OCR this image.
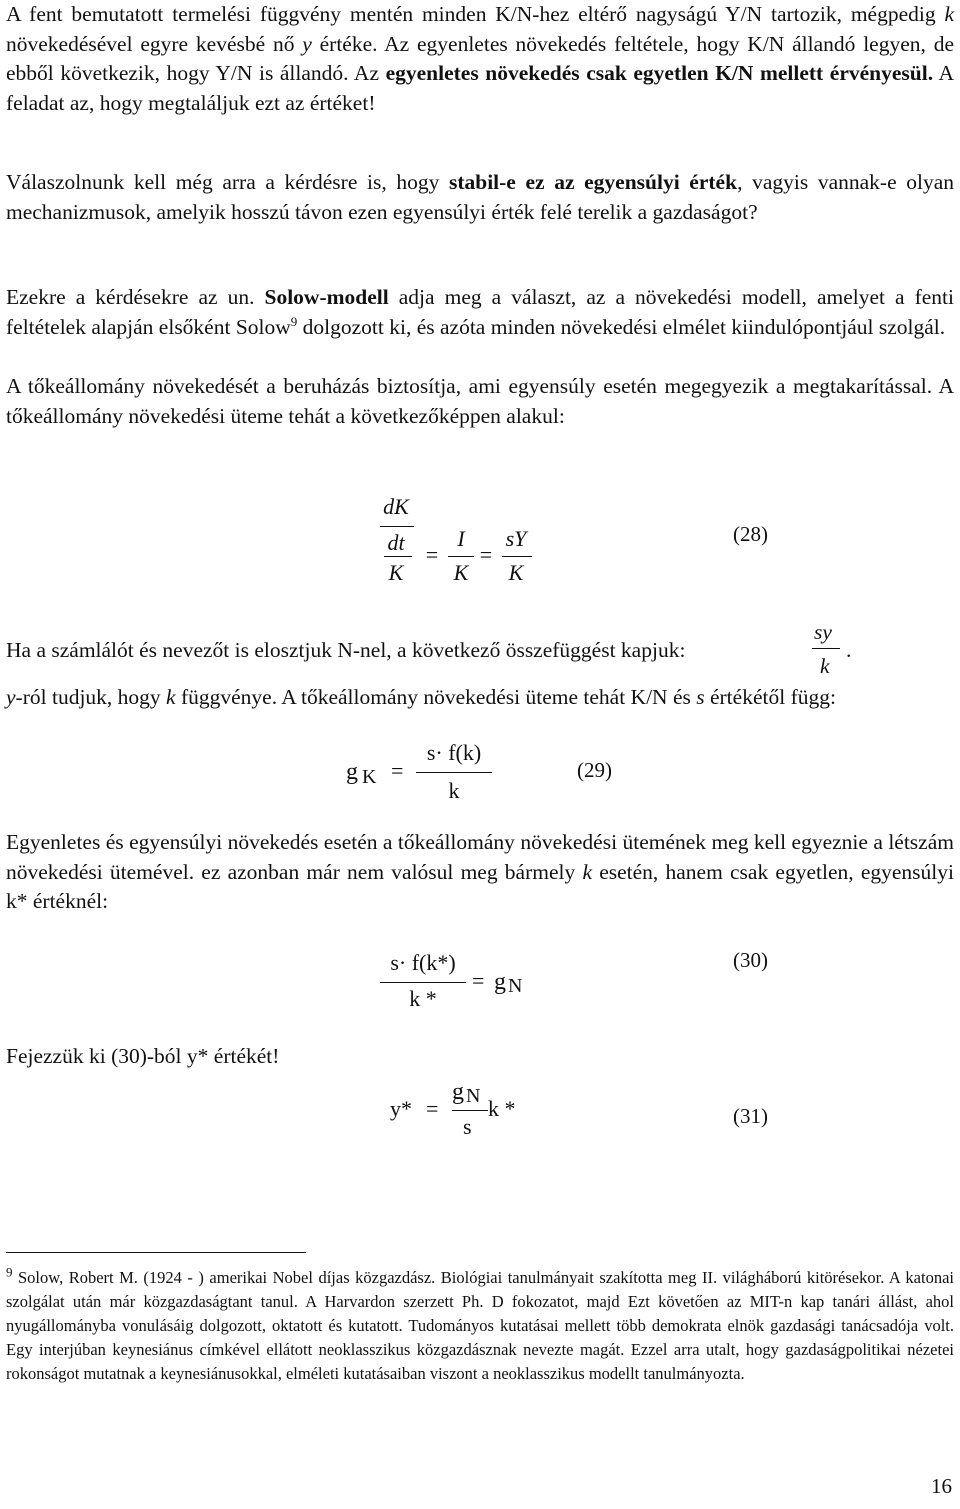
A fent bemutatott termelési függvény mentén minden K/N-hez eltérő nagyságú Y/N tartozik, mégpedig k növekedésével egyre kevésbé nő y értéke. Az egyenletes növekedés feltétele, hogy K/N állandó legyen, de ebből következik, hogy Y/N is állandó. Az egyenletes növekedés csak egyetlen K/N mellett érvényesül. A feladat az, hogy megtaláljuk ezt az értéket!

Válaszolnunk kell még arra a kérdésre is, hogy stabil-e ez az egyensúlyi érték, vagyis vannak-e olyan mechanizmusok, amelyik hosszú távon ezen egyensúlyi érték felé terelik a gazdaságot?

Ezekre a kérdésekre az un. Solow-modell adja meg a választ, az a növekedési modell, amelyet a fenti feltételek alapján elsőként Solow$^9$ dolgozott ki, és azóta minden növekedési elmélet kiindulópontjául szolgál.

A tőkeállomány növekedését a beruházás biztosítja, ami egyensúly esetén megegyezik a megtakarítással. A tőkeállomány növekedési üteme tehát a következőképpen alakul:

dK
dt
K
=
I
K
=
sY
K
(28)
Ha a számlálót és nevezőt is elosztjuk N-nel, a következő összefüggést kapjuk:
sy
k
.

y-ról tudjuk, hogy k függvénye. A tőkeállomány növekedési üteme tehát K/N és s értékétől függ:

g K =
s· f(k)
k
(29)

Egyenletes és egyensúlyi növekedés esetén a tőkeállomány növekedési ütemének meg kell egyeznie a létszám növekedési ütemével. ez azonban már nem valósul meg bármely k esetén, hanem csak egyetlen, egyensúlyi k* értéknél:

s· f(k*)
k *
= g N
(30)

Fejezzük ki (30)-ból y* értékét!

y* =
g N
s
k *	(31)
$^9$ Solow, Robert M. (1924 - ) amerikai Nobel díjas közgazdász. Biológiai tanulmányait szakította meg II. világháború kitörésekor. A katonai szolgálat után már közgazdaságtant tanul. A Harvardon szerzett Ph. D fokozatot, majd Ezt követően az MIT-n kap tanári állást, ahol nyugállományba vonulásáig dolgozott, oktatott és kutatott. Tudományos kutatásai mellett több demokrata elnök gazdasági tanácsadója volt. Egy interjúban keynesiánus címkével ellátott neoklasszikus közgazdásznak nevezte magát. Ezzel arra utalt, hogy gazdaságpolitikai nézetei rokonságot mutatnak a keynesiánusokkal, elméleti kutatásaiban viszont a neoklasszikus modellt tanulmányozta.
16
